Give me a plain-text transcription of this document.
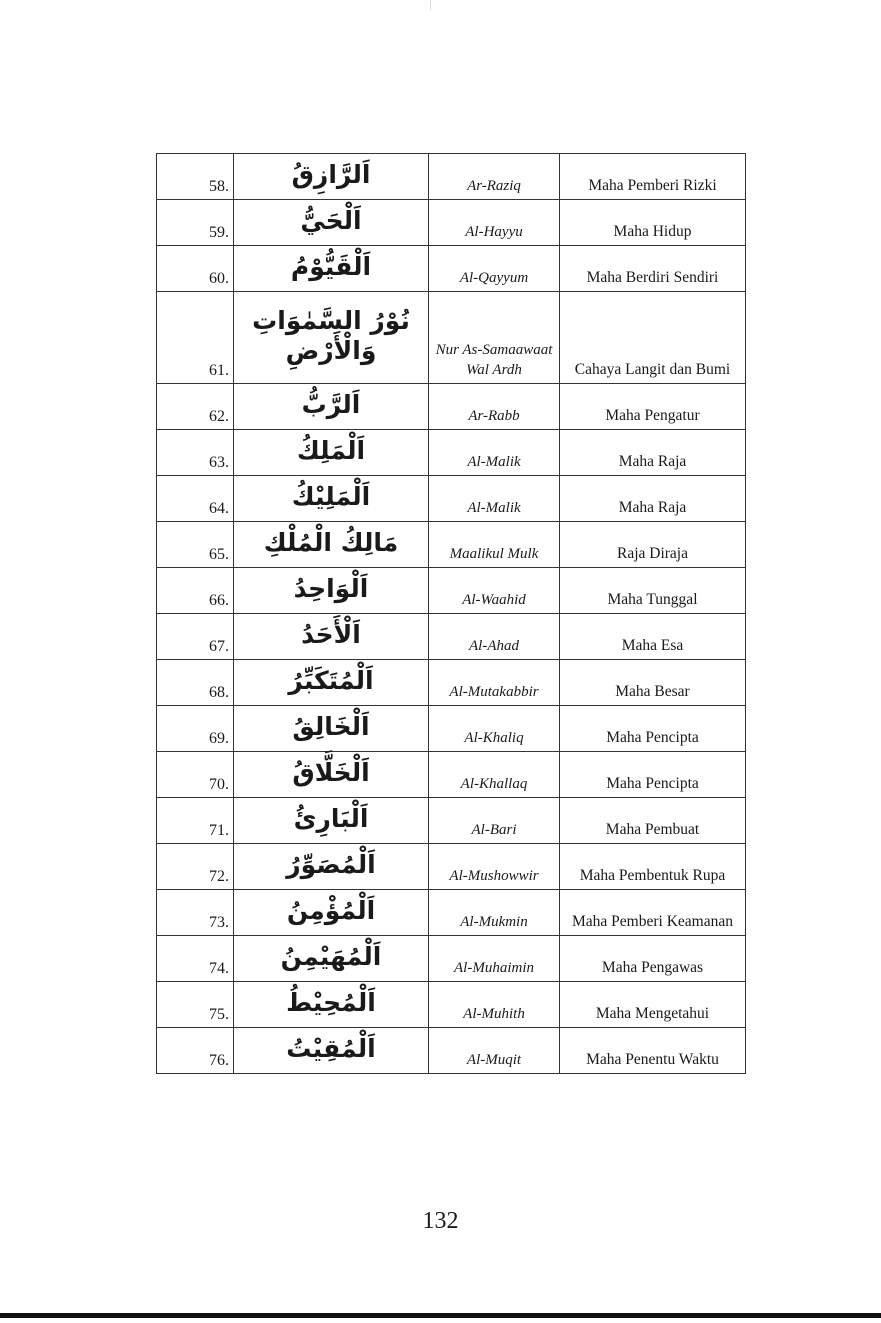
58.	اَلرَّازِقُ	Ar-Raziq	Maha Pemberi Rizki
59.	اَلْحَيُّ	Al-Hayyu	Maha Hidup
60.	اَلْقَيُّوْمُ	Al-Qayyum	Maha Berdiri Sendiri
61.	نُوْرُ السَّمٰوَاتِ وَالْأَرْضِ	Nur As-Samaawaat Wal Ardh	Cahaya Langit dan Bumi
62.	اَلرَّبُّ	Ar-Rabb	Maha Pengatur
63.	اَلْمَلِكُ	Al-Malik	Maha Raja
64.	اَلْمَلِيْكُ	Al-Malik	Maha Raja
65.	مَالِكُ الْمُلْكِ	Maalikul Mulk	Raja Diraja
66.	اَلْوَاحِدُ	Al-Waahid	Maha Tunggal
67.	اَلْأَحَدُ	Al-Ahad	Maha Esa
68.	اَلْمُتَكَبِّرُ	Al-Mutakabbir	Maha Besar
69.	اَلْخَالِقُ	Al-Khaliq	Maha Pencipta
70.	اَلْخَلَّاقُ	Al-Khallaq	Maha Pencipta
71.	اَلْبَارِئُ	Al-Bari	Maha Pembuat
72.	اَلْمُصَوِّرُ	Al-Mushowwir	Maha Pembentuk Rupa
73.	اَلْمُؤْمِنُ	Al-Mukmin	Maha Pemberi Keamanan
74.	اَلْمُهَيْمِنُ	Al-Muhaimin	Maha Pengawas
75.	اَلْمُحِيْطُ	Al-Muhith	Maha Mengetahui
76.	اَلْمُقِيْتُ	Al-Muqit	Maha Penentu Waktu
132
